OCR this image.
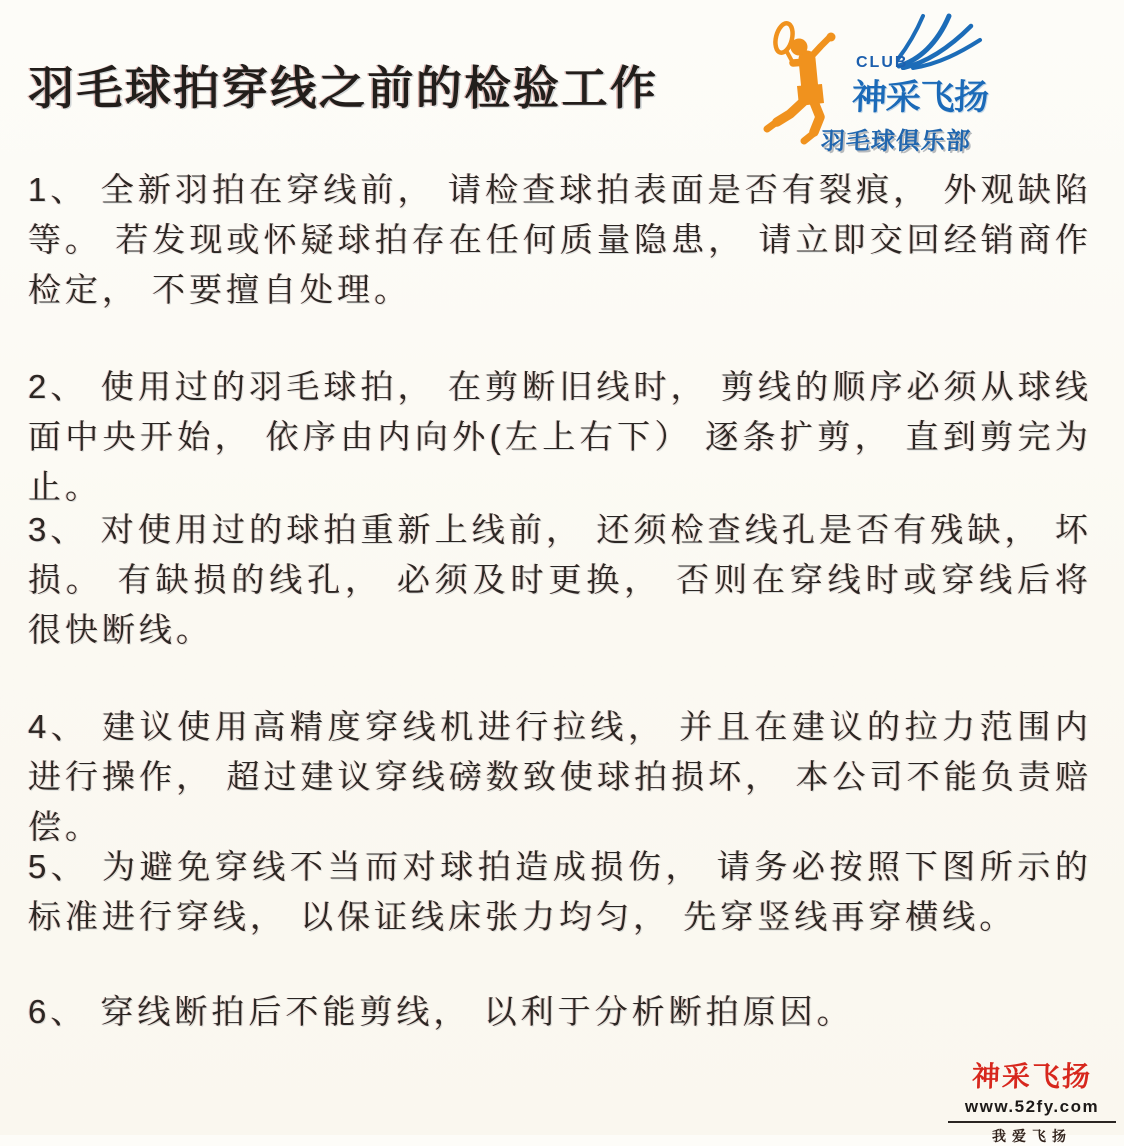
羽毛球拍穿线之前的检验工作	CLUB
神采飞扬
羽毛球俱乐部

1、 全新羽拍在穿线前， 请检查球拍表面是否有裂痕， 外观缺陷等。 若发现或怀疑球拍存在任何质量隐患， 请立即交回经销商作检定， 不要擅自处理。

2、 使用过的羽毛球拍， 在剪断旧线时， 剪线的顺序必须从球线面中央开始， 依序由内向外(左上右下） 逐条扩剪， 直到剪完为止。

3、 对使用过的球拍重新上线前， 还须检查线孔是否有残缺， 坏损。 有缺损的线孔， 必须及时更换， 否则在穿线时或穿线后将很快断线。

4、 建议使用高精度穿线机进行拉线， 并且在建议的拉力范围内进行操作， 超过建议穿线磅数致使球拍损坏， 本公司不能负责赔偿。

5、 为避免穿线不当而对球拍造成损伤， 请务必按照下图所示的标准进行穿线， 以保证线床张力均匀， 先穿竖线再穿横线。

6、 穿线断拍后不能剪线， 以利于分析断拍原因。

神采飞扬
www.52fy.com
我爱飞扬
